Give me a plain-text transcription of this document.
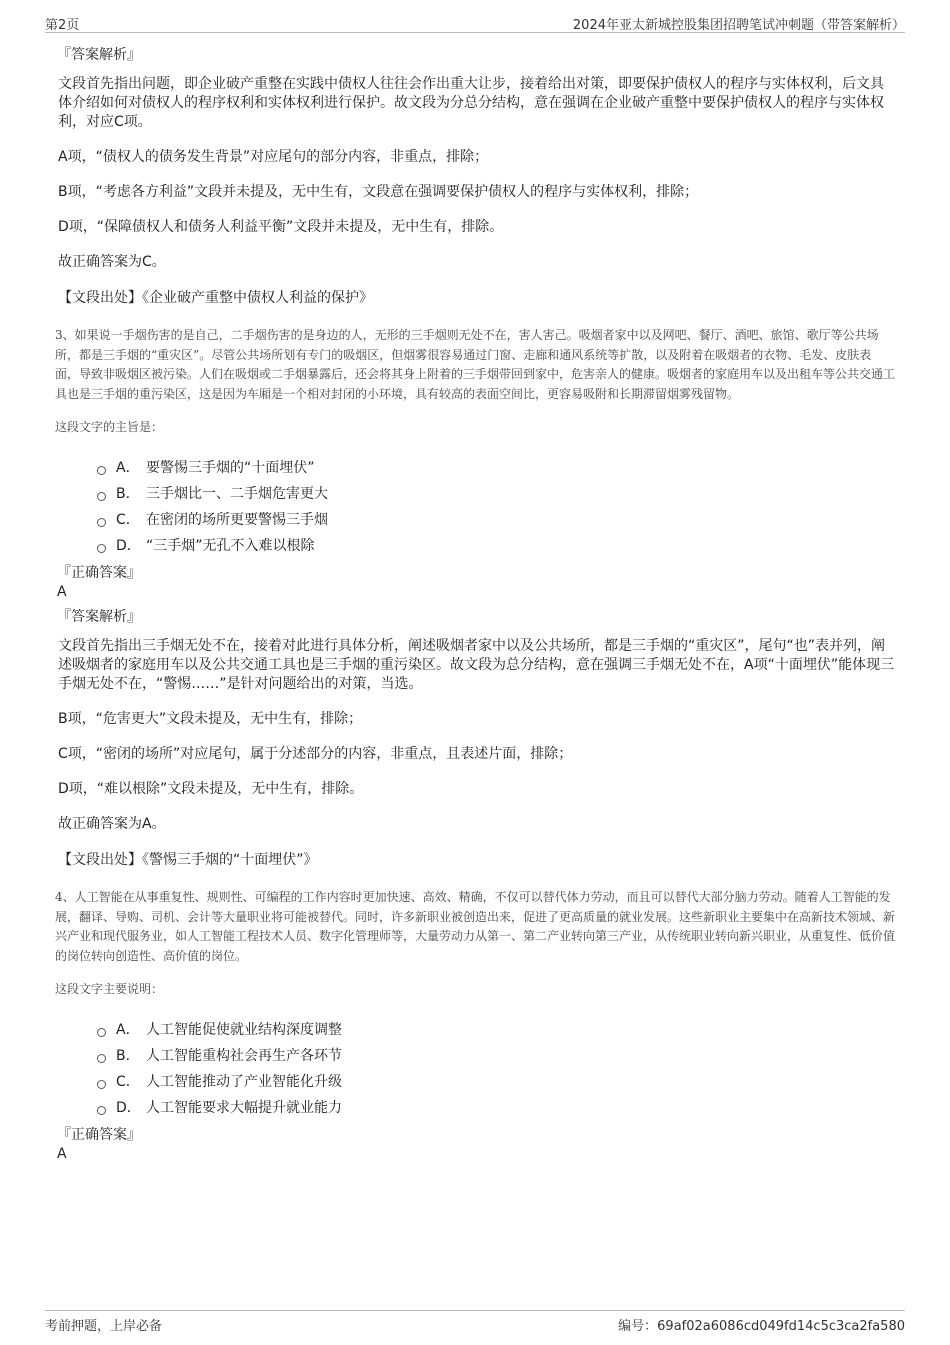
第2页	2024年亚太新城控股集团招聘笔试冲刺题（带答案解析）
『答案解析』

文段首先指出问题，即企业破产重整在实践中债权人往往会作出重大让步，接着给出对策，即要保护债权人的程序与实体权利，后文具体介绍如何对债权人的程序权利和实体权利进行保护。故文段为分总分结构，意在强调在企业破产重整中要保护债权人的程序与实体权利，对应C项。

A项，“债权人的债务发生背景”对应尾句的部分内容，非重点，排除；

B项，“考虑各方利益”文段并未提及，无中生有，文段意在强调要保护债权人的程序与实体权利，排除；

D项，“保障债权人和债务人利益平衡”文段并未提及，无中生有，排除。

故正确答案为C。

【文段出处】《企业破产重整中债权人利益的保护》

3、如果说一手烟伤害的是自己，二手烟伤害的是身边的人，无形的三手烟则无处不在，害人害己。吸烟者家中以及网吧、餐厅、酒吧、旅馆、歌厅等公共场所，都是三手烟的“重灾区”。尽管公共场所划有专门的吸烟区，但烟雾很容易通过门窗、走廊和通风系统等扩散，以及附着在吸烟者的衣物、毛发、皮肤表面，导致非吸烟区被污染。人们在吸烟或二手烟暴露后，还会将其身上附着的三手烟带回到家中，危害亲人的健康。吸烟者的家庭用车以及出租车等公共交通工具也是三手烟的重污染区，这是因为车厢是一个相对封闭的小环境，具有较高的表面空间比，更容易吸附和长期滞留烟雾残留物。

这段文字的主旨是：

A． 要警惕三手烟的“十面埋伏”
B． 三手烟比一、二手烟危害更大
C． 在密闭的场所更要警惕三手烟
D． “三手烟”无孔不入难以根除
『正确答案』
A
『答案解析』

文段首先指出三手烟无处不在，接着对此进行具体分析，阐述吸烟者家中以及公共场所，都是三手烟的“重灾区”，尾句“也”表并列，阐述吸烟者的家庭用车以及公共交通工具也是三手烟的重污染区。故文段为总分结构，意在强调三手烟无处不在，A项“十面埋伏”能体现三手烟无处不在，“警惕……”是针对问题给出的对策，当选。

B项，“危害更大”文段未提及，无中生有，排除；

C项，“密闭的场所”对应尾句，属于分述部分的内容，非重点，且表述片面，排除；

D项，“难以根除”文段未提及，无中生有，排除。

故正确答案为A。

【文段出处】《警惕三手烟的“十面埋伏”》

4、人工智能在从事重复性、规则性、可编程的工作内容时更加快速、高效、精确，不仅可以替代体力劳动，而且可以替代大部分脑力劳动。随着人工智能的发展，翻译、导购、司机、会计等大量职业将可能被替代。同时，许多新职业被创造出来，促进了更高质量的就业发展。这些新职业主要集中在高新技术领域、新兴产业和现代服务业，如人工智能工程技术人员、数字化管理师等，大量劳动力从第一、第二产业转向第三产业，从传统职业转向新兴职业，从重复性、低价值的岗位转向创造性、高价值的岗位。

这段文字主要说明：

A． 人工智能促使就业结构深度调整
B． 人工智能重构社会再生产各环节
C． 人工智能推动了产业智能化升级
D． 人工智能要求大幅提升就业能力
『正确答案』
A
考前押题，上岸必备	编号：69af02a6086cd049fd14c5c3ca2fa580
